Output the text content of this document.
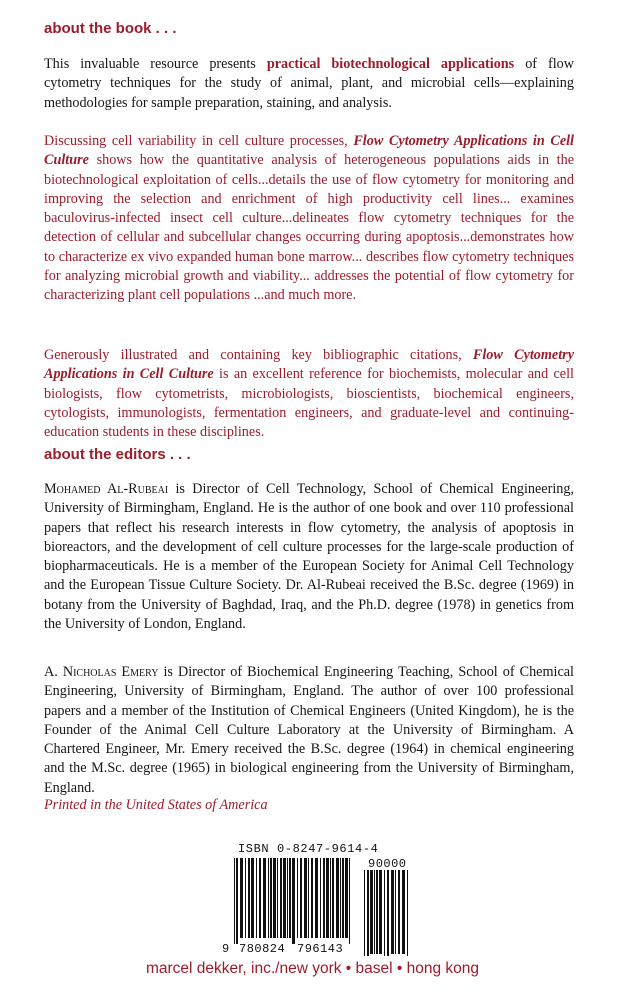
about the book . . .

This invaluable resource presents practical biotechnological applications of flow cytometry techniques for the study of animal, plant, and microbial cells—explaining methodologies for sample preparation, staining, and analysis.

Discussing cell variability in cell culture processes, Flow Cytometry Applications in Cell Culture shows how the quantitative analysis of heterogeneous populations aids in the biotechnological exploitation of cells...details the use of flow cytometry for monitoring and improving the selection and enrichment of high productivity cell lines... examines baculovirus-infected insect cell culture...delineates flow cytometry techniques for the detection of cellular and subcellular changes occurring during apoptosis...demonstrates how to characterize ex vivo expanded human bone marrow... describes flow cytometry techniques for analyzing microbial growth and viability... addresses the potential of flow cytometry for characterizing plant cell populations ...and much more.

Generously illustrated and containing key bibliographic citations, Flow Cytometry Applications in Cell Culture is an excellent reference for biochemists, molecular and cell biologists, flow cytometrists, microbiologists, bioscientists, biochemical engineers, cytologists, immunologists, fermentation engineers, and graduate-level and continuing-education students in these disciplines.

about the editors . . .

Mohamed Al-Rubeai is Director of Cell Technology, School of Chemical Engineering, University of Birmingham, England. He is the author of one book and over 110 professional papers that reflect his research interests in flow cytometry, the analysis of apoptosis in bioreactors, and the development of cell culture processes for the large-scale production of biopharmaceuticals. He is a member of the European Society for Animal Cell Technology and the European Tissue Culture Society. Dr. Al-Rubeai received the B.Sc. degree (1969) in botany from the University of Baghdad, Iraq, and the Ph.D. degree (1978) in genetics from the University of London, England.

A. Nicholas Emery is Director of Biochemical Engineering Teaching, School of Chemical Engineering, University of Birmingham, England. The author of over 100 professional papers and a member of the Institution of Chemical Engineers (United Kingdom), he is the Founder of the Animal Cell Culture Laboratory at the University of Birmingham. A Chartered Engineer, Mr. Emery received the B.Sc. degree (1964) in chemical engineering and the M.Sc. degree (1965) in biological engineering from the University of Birmingham, England.

Printed in the United States of America

ISBN 0-8247-9614-4
9 780824 796143
90000

marcel dekker, inc./new york • basel • hong kong
